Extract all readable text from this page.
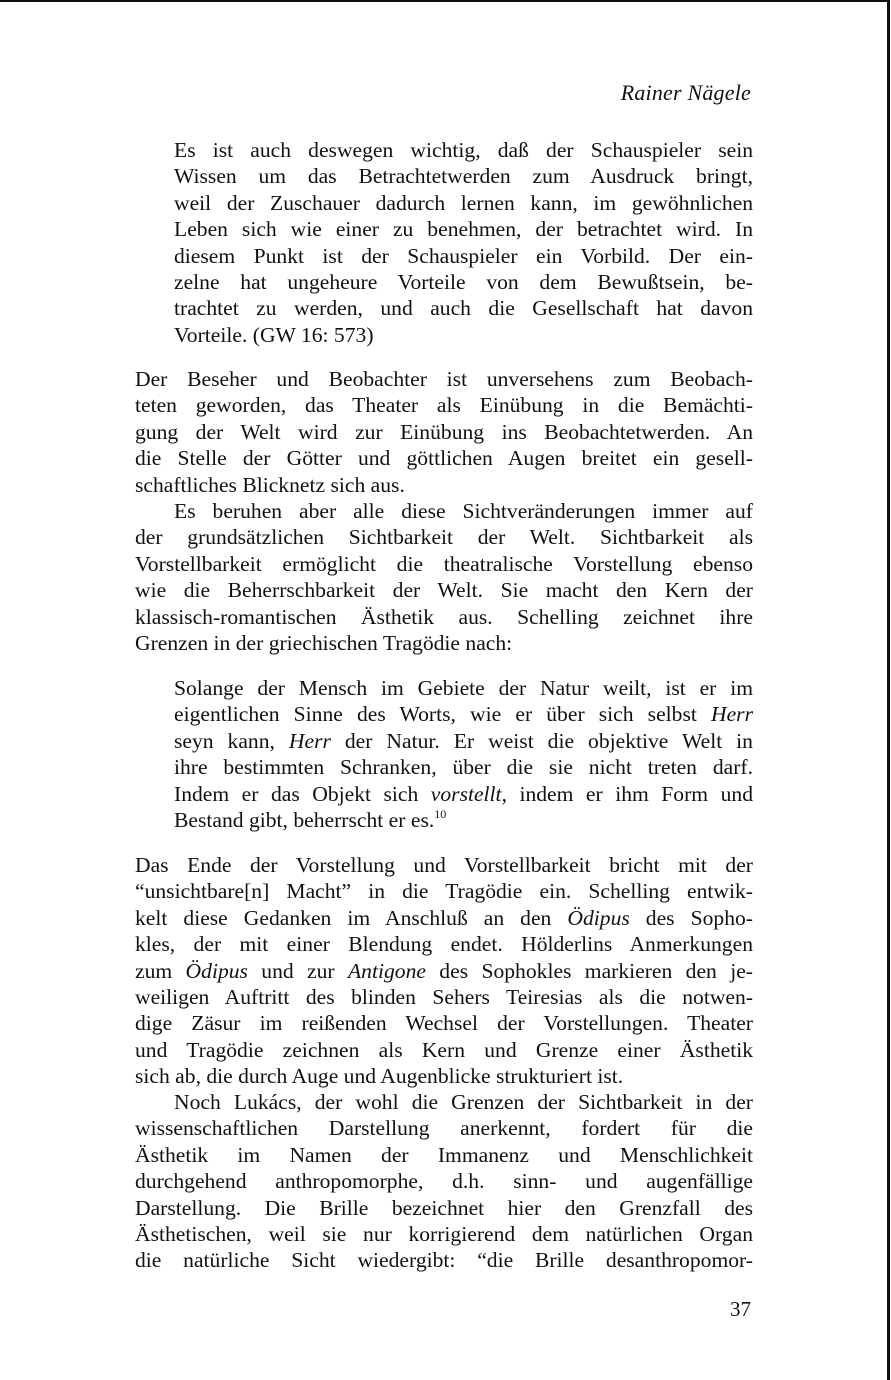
Rainer Nägele
Es ist auch deswegen wichtig, daß der Schauspieler sein
Wissen um das Betrachtetwerden zum Ausdruck bringt,
weil der Zuschauer dadurch lernen kann, im gewöhnlichen
Leben sich wie einer zu benehmen, der betrachtet wird. In
diesem Punkt ist der Schauspieler ein Vorbild. Der ein-
zelne hat ungeheure Vorteile von dem Bewußtsein, be-
trachtet zu werden, und auch die Gesellschaft hat davon
Vorteile. (GW 16: 573)
Der Beseher und Beobachter ist unversehens zum Beobach-
teten geworden, das Theater als Einübung in die Bemächti-
gung der Welt wird zur Einübung ins Beobachtetwerden. An
die Stelle der Götter und göttlichen Augen breitet ein gesell-
schaftliches Blicknetz sich aus.
Es beruhen aber alle diese Sichtveränderungen immer auf
der grundsätzlichen Sichtbarkeit der Welt. Sichtbarkeit als
Vorstellbarkeit ermöglicht die theatralische Vorstellung ebenso
wie die Beherrschbarkeit der Welt. Sie macht den Kern der
klassisch-romantischen Ästhetik aus. Schelling zeichnet ihre
Grenzen in der griechischen Tragödie nach:
Solange der Mensch im Gebiete der Natur weilt, ist er im
eigentlichen Sinne des Worts, wie er über sich selbst Herr
seyn kann, Herr der Natur. Er weist die objektive Welt in
ihre bestimmten Schranken, über die sie nicht treten darf.
Indem er das Objekt sich vorstellt, indem er ihm Form und
Bestand gibt, beherrscht er es.$^{10}$
Das Ende der Vorstellung und Vorstellbarkeit bricht mit der
“unsichtbare[n] Macht” in die Tragödie ein. Schelling entwik-
kelt diese Gedanken im Anschluß an den Ödipus des Sopho-
kles, der mit einer Blendung endet. Hölderlins Anmerkungen
zum Ödipus und zur Antigone des Sophokles markieren den je-
weiligen Auftritt des blinden Sehers Teiresias als die notwen-
dige Zäsur im reißenden Wechsel der Vorstellungen. Theater
und Tragödie zeichnen als Kern und Grenze einer Ästhetik
sich ab, die durch Auge und Augenblicke strukturiert ist.
Noch Lukács, der wohl die Grenzen der Sichtbarkeit in der
wissenschaftlichen Darstellung anerkennt, fordert für die
Ästhetik im Namen der Immanenz und Menschlichkeit
durchgehend anthropomorphe, d.h. sinn- und augenfällige
Darstellung. Die Brille bezeichnet hier den Grenzfall des
Ästhetischen, weil sie nur korrigierend dem natürlichen Organ
die natürliche Sicht wiedergibt: “die Brille desanthropomor-
37
